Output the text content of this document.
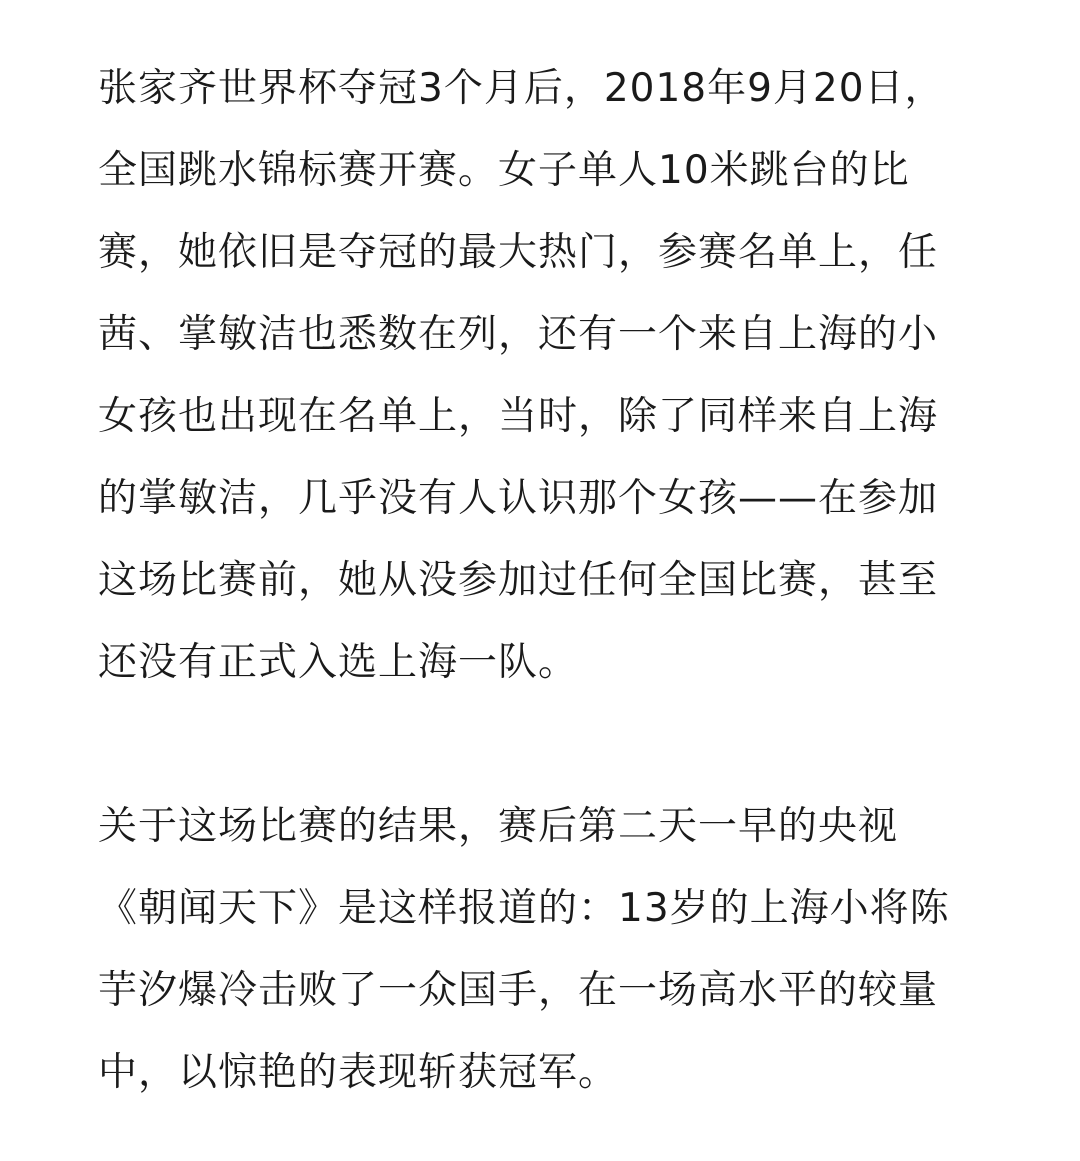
张家齐世界杯夺冠3个月后，2018年9月20日，
全国跳水锦标赛开赛。女子单人10米跳台的比
赛，她依旧是夺冠的最大热门，参赛名单上，任
茜、掌敏洁也悉数在列，还有一个来自上海的小
女孩也出现在名单上，当时，除了同样来自上海
的掌敏洁，几乎没有人认识那个女孩——在参加
这场比赛前，她从没参加过任何全国比赛，甚至
还没有正式入选上海一队。
关于这场比赛的结果，赛后第二天一早的央视
《朝闻天下》是这样报道的：13岁的上海小将陈
芋汐爆冷击败了一众国手，在一场高水平的较量
中，以惊艳的表现斩获冠军。
